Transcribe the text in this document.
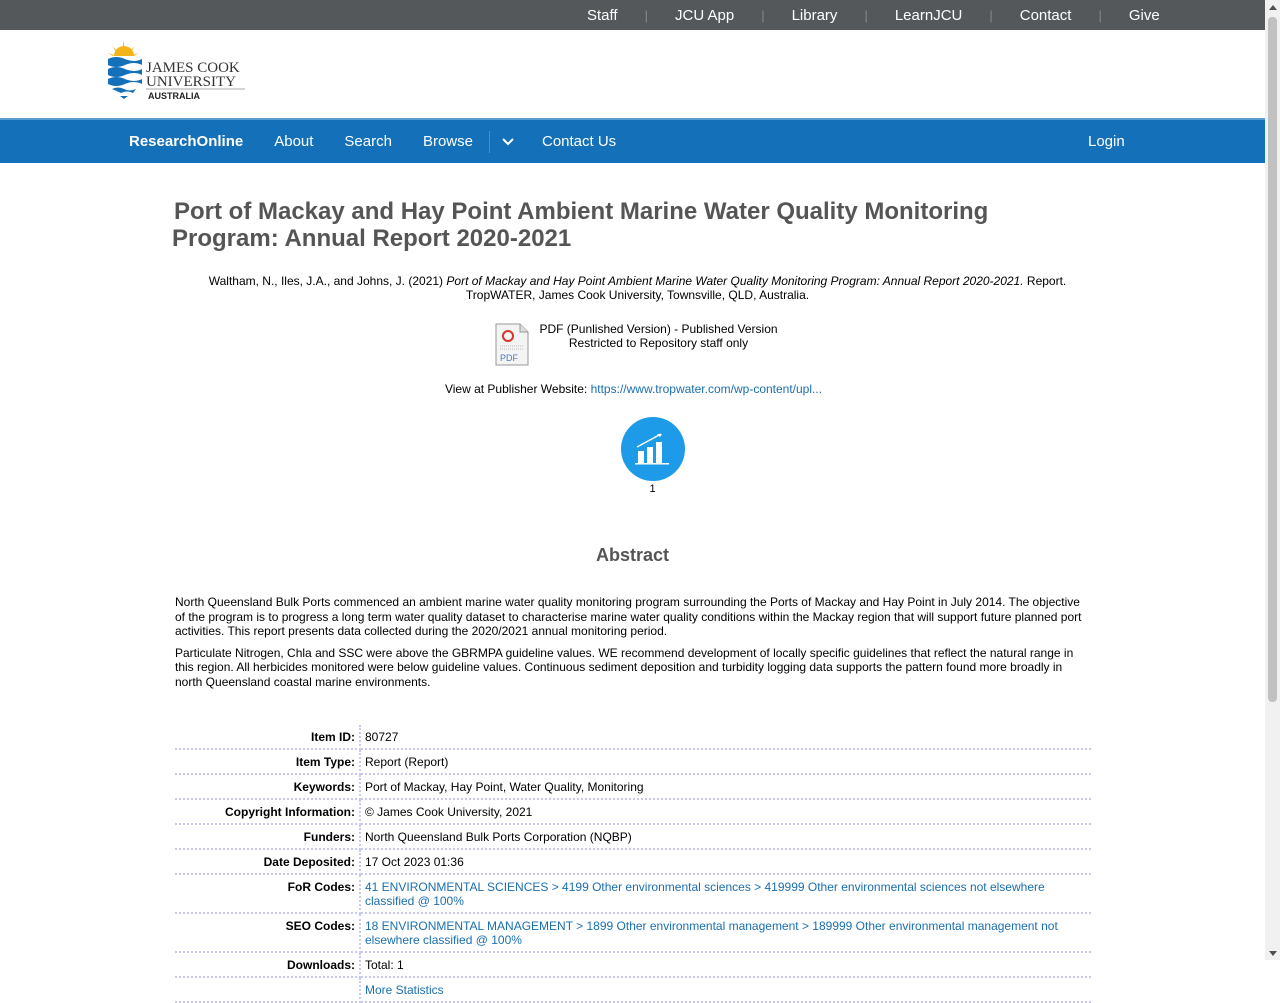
Staff	|	JCU App	|	Library	|	LearnJCU	|	Contact	|	Give
JAMES COOK
UNIVERSITY
AUSTRALIA
ResearchOnline About Search Browse	Contact Us	Login
Port of Mackay and Hay Point Ambient Marine Water Quality Monitoring
Program: Annual Report 2020-2021
Waltham, N., Iles, J.A., and Johns, J. (2021) Port of Mackay and Hay Point Ambient Marine Water Quality Monitoring Program: Annual Report 2020-2021. Report.
TropWATER, James Cook University, Townsville, QLD, Australia.
PDF
PDF (Punlished Version) - Published Version
Restricted to Repository staff only
View at Publisher Website: https://www.tropwater.com/wp-content/upl...
1
Abstract

North Queensland Bulk Ports commenced an ambient marine water quality monitoring program surrounding the Ports of Mackay and Hay Point in July 2014. The objective of the program is to progress a long term water quality dataset to characterise marine water quality conditions within the Mackay region that will support future planned port activities. This report presents data collected during the 2020/2021 annual monitoring period.

Particulate Nitrogen, Chla and SSC were above the GBRMPA guideline values. WE recommend development of locally specific guidelines that reflect the natural range in this region. All herbicides monitored were below guideline values. Continuous sediment deposition and turbidity logging data supports the pattern found more broadly in north Queensland coastal marine environments.

Item ID:	80727
Item Type:	Report (Report)
Keywords:	Port of Mackay, Hay Point, Water Quality, Monitoring
Copyright Information:	© James Cook University, 2021
Funders:	North Queensland Bulk Ports Corporation (NQBP)
Date Deposited:	17 Oct 2023 01:36
FoR Codes:	41 ENVIRONMENTAL SCIENCES > 4199 Other environmental sciences > 419999 Other environmental sciences not elsewhere classified @ 100%
SEO Codes:	18 ENVIRONMENTAL MANAGEMENT > 1899 Other environmental management > 189999 Other environmental management not elsewhere classified @ 100%
Downloads:	Total: 1
	More Statistics
